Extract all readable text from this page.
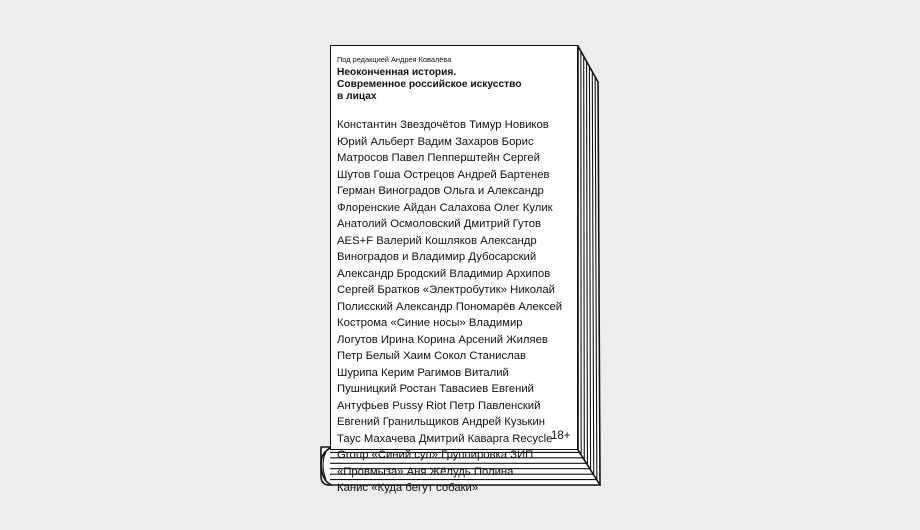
Под редакцией Андрея Ковалёва
Неоконченная история.
Современное российское искусство
в лицах
Константин Звездочётов Тимур Новиков
Юрий Альберт Вадим Захаров Борис
Матросов Павел Пепперштейн Сергей
Шутов Гоша Острецов Андрей Бартенев
Герман Виноградов Ольга и Александр
Флоренские Айдан Салахова Олег Кулик
Анатолий Осмоловский Дмитрий Гутов
AES+F Валерий Кошляков Александр
Виноградов и Владимир Дубосарский
Александр Бродский Владимир Архипов
Сергей Братков «Электробутик» Николай
Полисский Александр Пономарёв Алексей
Кострома «Синие носы» Владимир
Логутов Ирина Корина Арсений Жиляев
Петр Белый Хаим Сокол Станислав
Шурипа Керим Рагимов Виталий
Пушницкий Ростан Тавасиев Евгений
Антуфьев Pussy Riot Петр Павленский
Евгений Гранильщиков Андрей Кузькин
Таус Махачева Дмитрий Каварга Recycle
Group «Синий суп» Группировка ЗИП
«Провмыза» Аня Жёлудь Полина
Канис «Куда бегут собаки»
18+
